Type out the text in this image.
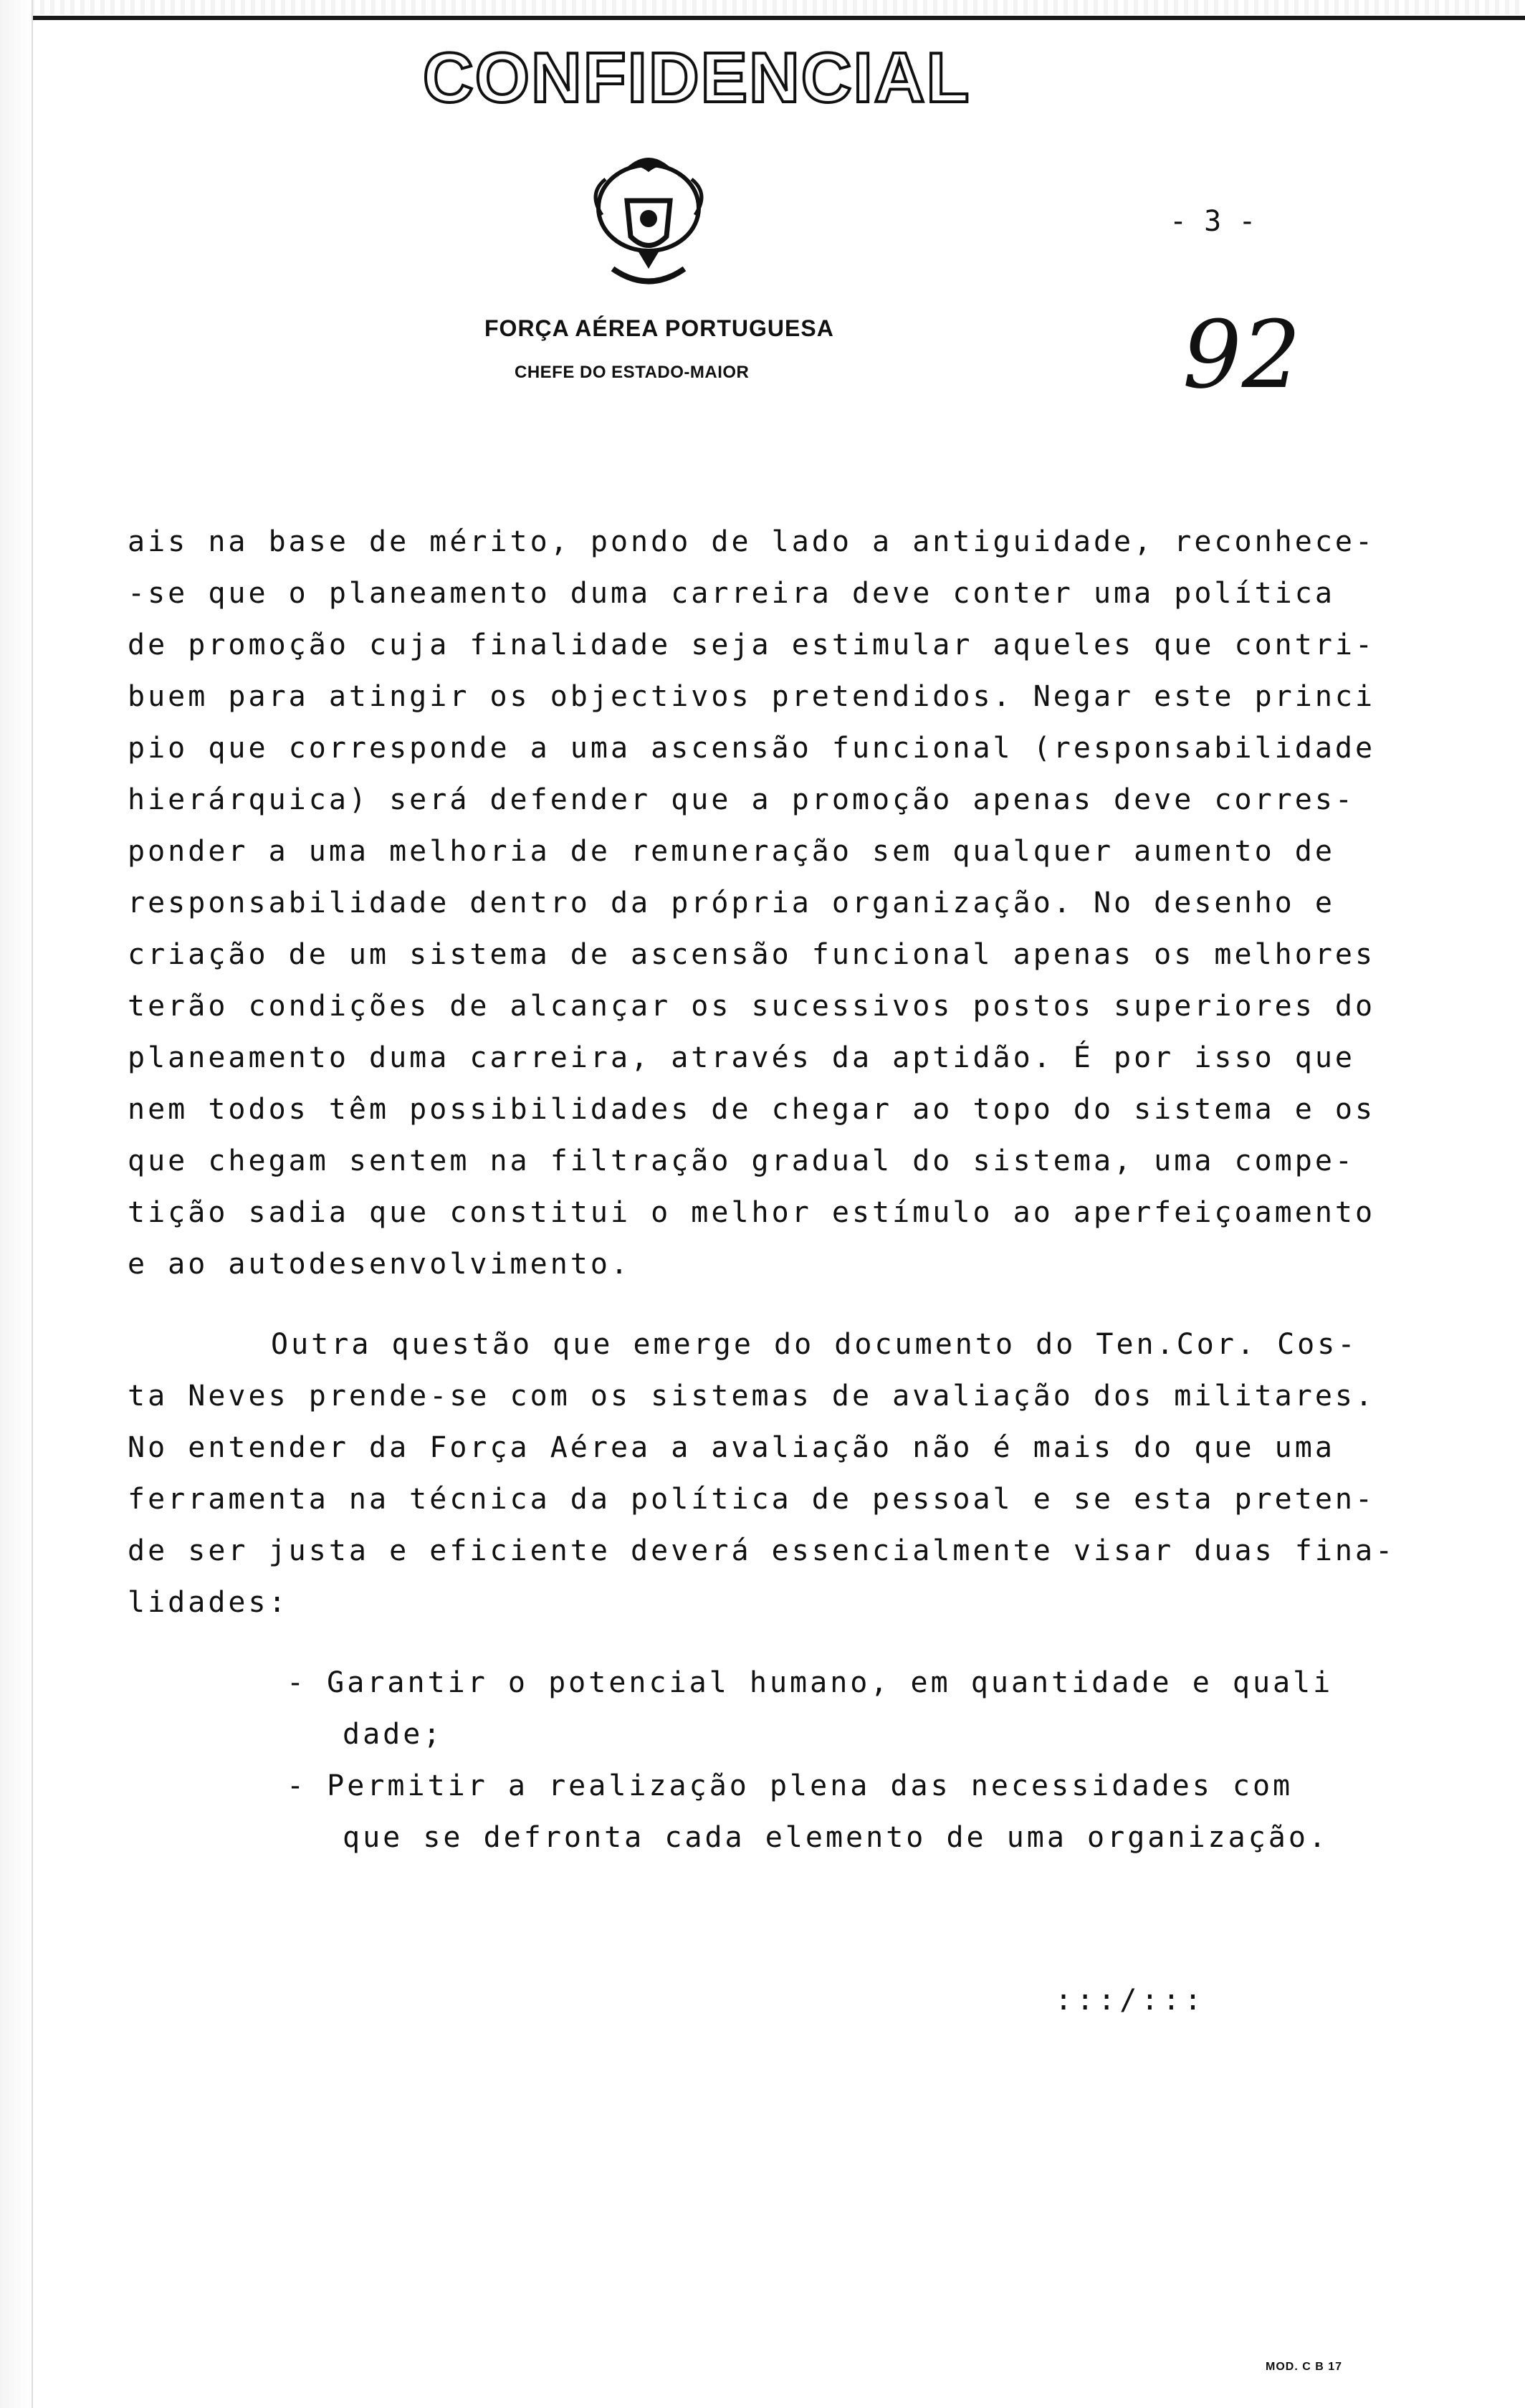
CONFIDENCIAL
FORÇA AÉREA PORTUGUESA
CHEFE DO ESTADO-MAIOR
- 3 -
92

ais na base de mérito, pondo de lado a antiguidade, reconhece-

-se que o planeamento duma carreira deve conter uma política

de promoção cuja finalidade seja estimular aqueles que contri-

buem para atingir os objectivos pretendidos. Negar este princi

pio que corresponde a uma ascensão funcional (responsabilidade

hierárquica) será defender que a promoção apenas deve corres-

ponder a uma melhoria de remuneração sem qualquer aumento de

responsabilidade dentro da própria organização. No desenho e

criação de um sistema de ascensão funcional apenas os melhores

terão condições de alcançar os sucessivos postos superiores do

planeamento duma carreira, através da aptidão. É por isso que

nem todos têm possibilidades de chegar ao topo do sistema e os

que chegam sentem na filtração gradual do sistema, uma compe-

tição sadia que constitui o melhor estímulo ao aperfeiçoamento

e ao autodesenvolvimento.

Outra questão que emerge do documento do Ten.Cor. Cos-

ta Neves prende-se com os sistemas de avaliação dos militares.

No entender da Força Aérea a avaliação não é mais do que uma

ferramenta na técnica da política de pessoal e se esta preten-

de ser justa e eficiente deverá essencialmente visar duas fina-

lidades:

- Garantir o potencial humano, em quantidade e quali

dade;

- Permitir a realização plena das necessidades com

que se defronta cada elemento de uma organização.

:::/:::
MOD. C B 17
